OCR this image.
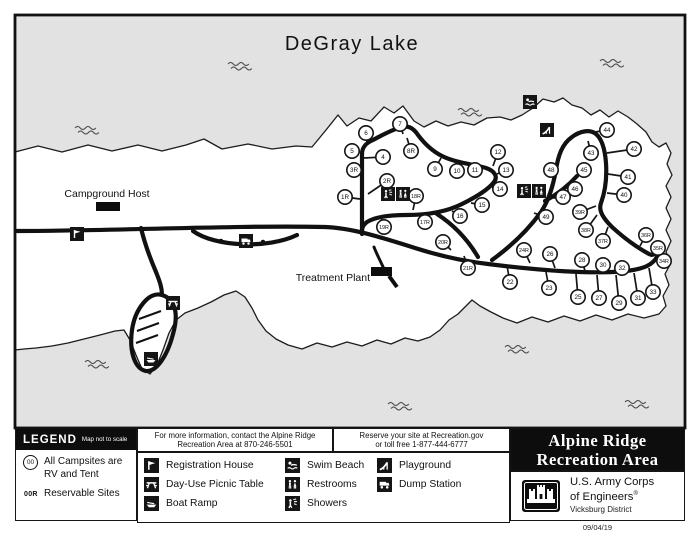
Campground Host
Treatment Plant
1R
2R
3R
4
5
6
7
8R
9	10 11
12
13
14
15
16
17R
18R
19R
20R
21R
22
23
24R
25
26
27
28
29
30
31
32
33
34R
35R
36R
37R
38R
39R
40
41
42
43
44
45
46
47
48
49
DeGray Lake
LEGEND Map not to scale
00 All Campsites are
RV and Tent
00R Reservable Sites
For more information, contact the Alpine Ridge
Recreation Area at 870-246-5501
Reserve your site at Recreation.gov
or toll free 1-877-444-6777
Registration House
Day-Use Picnic Table
Boat Ramp
Swim Beach
Restrooms
Showers
Playground
Dump Station
Alpine Ridge
Recreation Area
U.S. Army Corps
of Engineers®
Vicksburg District
09/04/19
